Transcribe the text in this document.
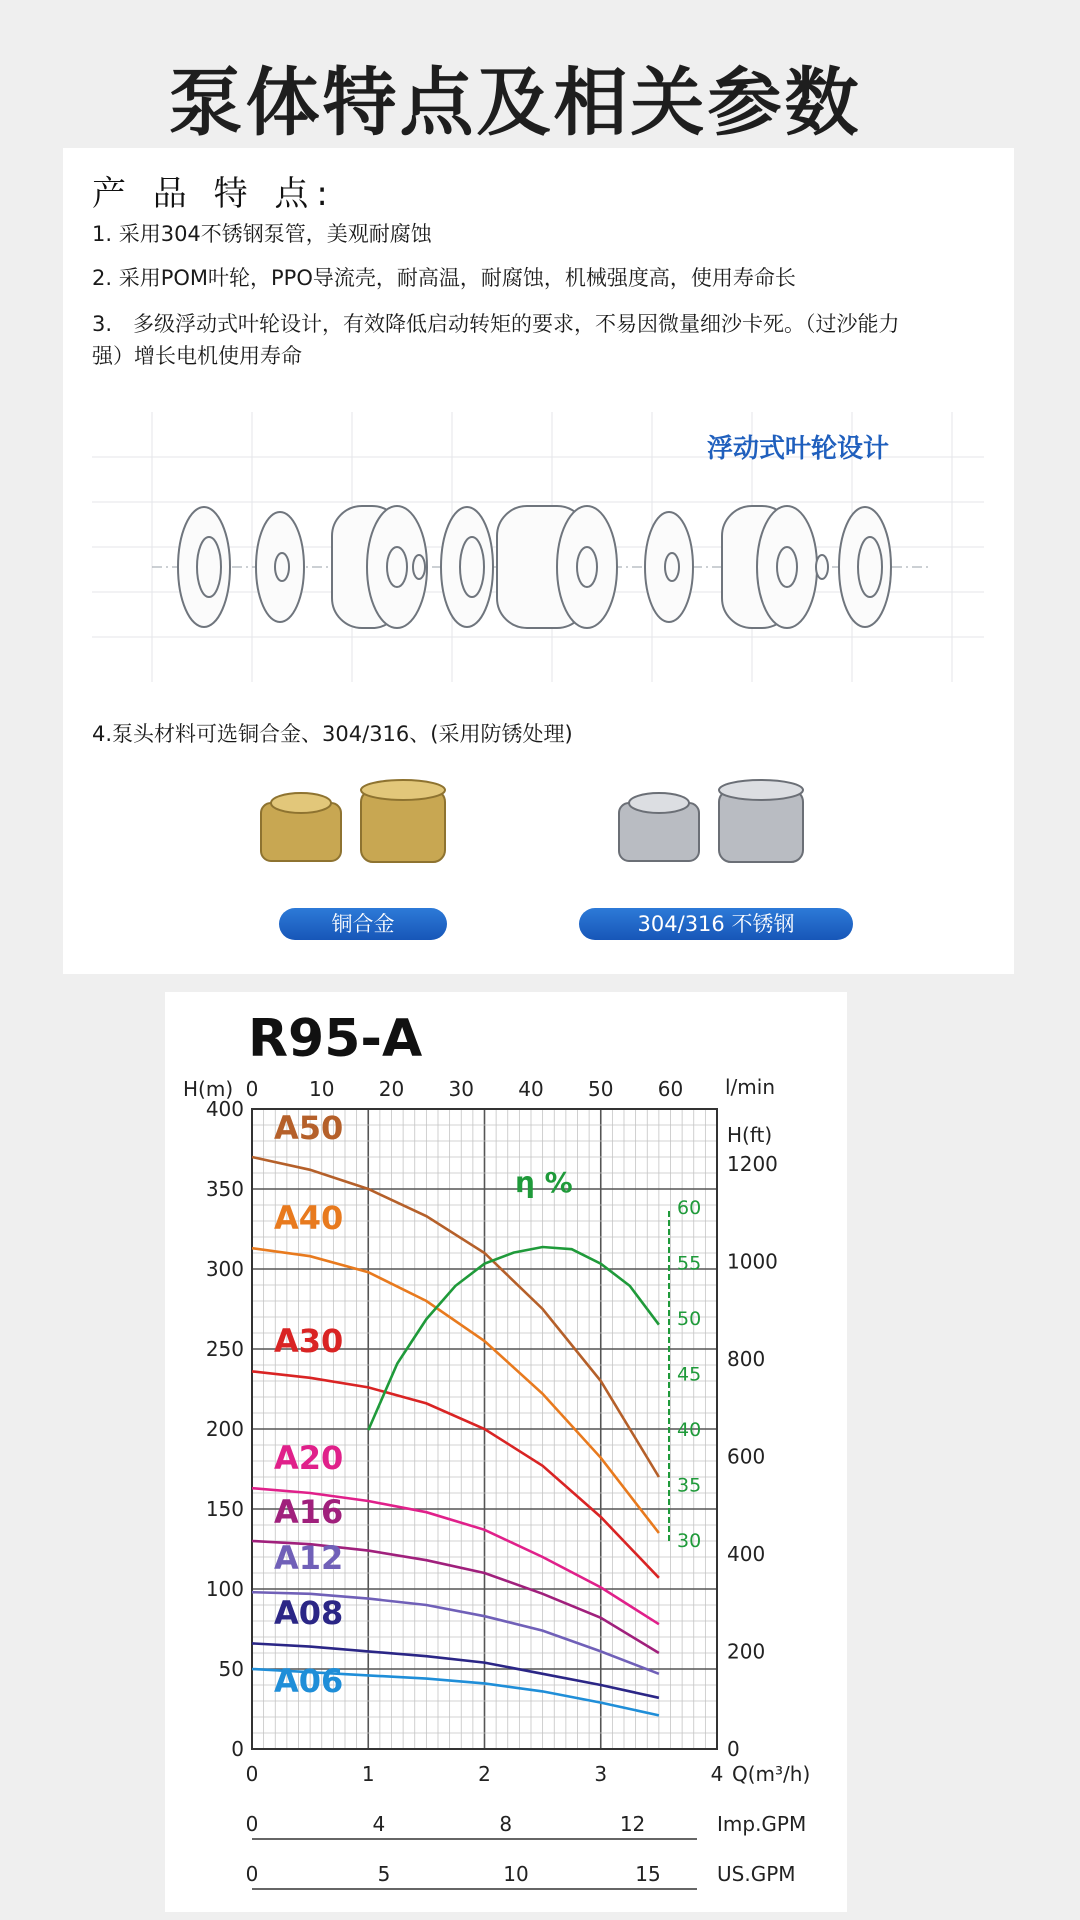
泵体特点及相关参数
产 品 特 点:
1. 采用304不锈钢泵管，美观耐腐蚀
2. 采用POM叶轮，PPO导流壳，耐高温，耐腐蚀，机械强度高，使用寿命长
3.　多级浮动式叶轮设计，有效降低启动转矩的要求，不易因微量细沙卡死。（过沙能力
强）增长电机使用寿命
浮动式叶轮设计
4.泵头材料可选铜合金、304/316、(采用防锈处理)
铜合金	304/316 不锈钢
R95-A
H(m)
Q(m³/h)
l/min
H(ft)
0
50
100
150
200
250
300
350
400
0	1	2	3	4
0	10 20 30 40 50 60
0
200
400
600
800
1000
1200
30
35
40
45
50
55
60
η %
A50
A40
A30
A20
A16
A12
A08
A06
0	4	8	12	Imp.GPM
0	5	10	15	US.GPM
